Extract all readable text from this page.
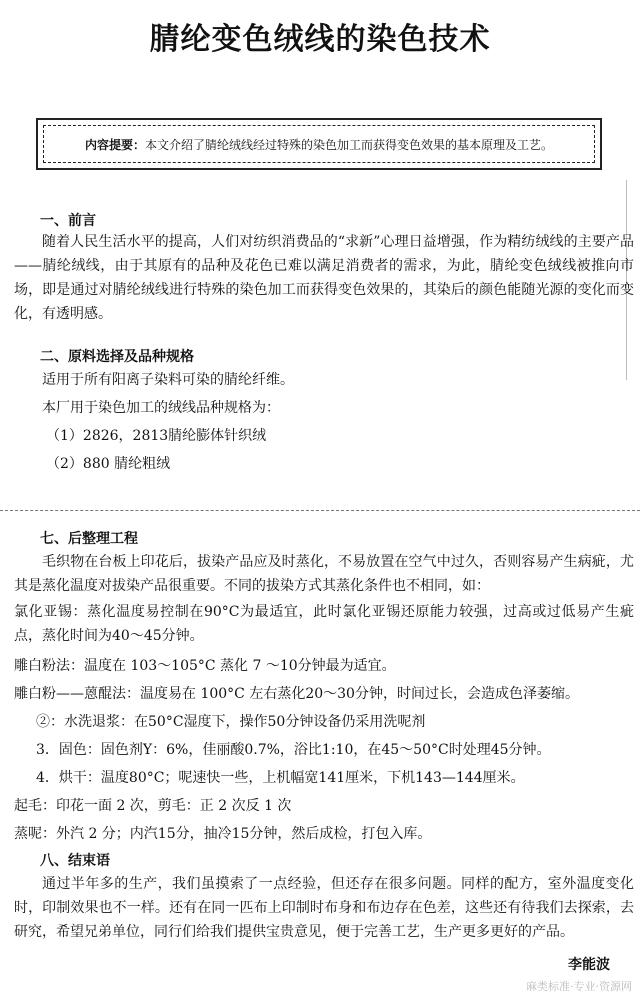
腈纶变色绒线的染色技术
内容提要：本文介绍了腈纶绒线经过特殊的染色加工而获得变色效果的基本原理及工艺。
一、前言
随着人民生活水平的提高，人们对纺织消费品的“求新”心理日益增强，作为精纺绒线的主要产品——腈纶绒线，由于其原有的品种及花色已难以满足消费者的需求，为此，腈纶变色绒线被推向市场，即是通过对腈纶绒线进行特殊的染色加工而获得变色效果的，其染后的颜色能随光源的变化而变化，有透明感。
二、原料选择及品种规格
适用于所有阳离子染料可染的腈纶纤维。
本厂用于染色加工的绒线品种规格为：
（1）2826，2813腈纶膨体针织绒
（2）880 腈纶粗绒
七、后整理工程
毛织物在台板上印花后，拔染产品应及时蒸化，不易放置在空气中过久，否则容易产生病疵，尤其是蒸化温度对拔染产品很重要。不同的拔染方式其蒸化条件也不相同，如：
氯化亚锡：蒸化温度易控制在90°C为最适宜，此时氯化亚锡还原能力较强，过高或过低易产生疵点，蒸化时间为40～45分钟。
雕白粉法：温度在 103～105°C 蒸化 7 ～10分钟最为适宜。
雕白粉——蒽醌法：温度易在 100°C 左右蒸化20～30分钟，时间过长，会造成色泽萎缩。
②：水洗退浆：在50°C湿度下，操作50分钟设备仍采用洗呢剂
3．固色：固色剂Y：6%，佳丽酸0.7%，浴比1:10，在45～50°C时处理45分钟。
4．烘干：温度80°C；呢速快一些，上机幅宽141厘米，下机143—144厘米。
起毛：印花一面 2 次，剪毛：正 2 次反 1 次
蒸呢：外汽 2 分；内汽15分，抽冷15分钟，然后成检，打包入库。
八、结束语
通过半年多的生产，我们虽摸索了一点经验，但还存在很多问题。同样的配方，室外温度变化时，印制效果也不一样。还有在同一匹布上印制时布身和布边存在色差，这些还有待我们去探索，去研究，希望兄弟单位，同行们给我们提供宝贵意见，便于完善工艺，生产更多更好的产品。
李能波
麻类标准·专业·资源网
